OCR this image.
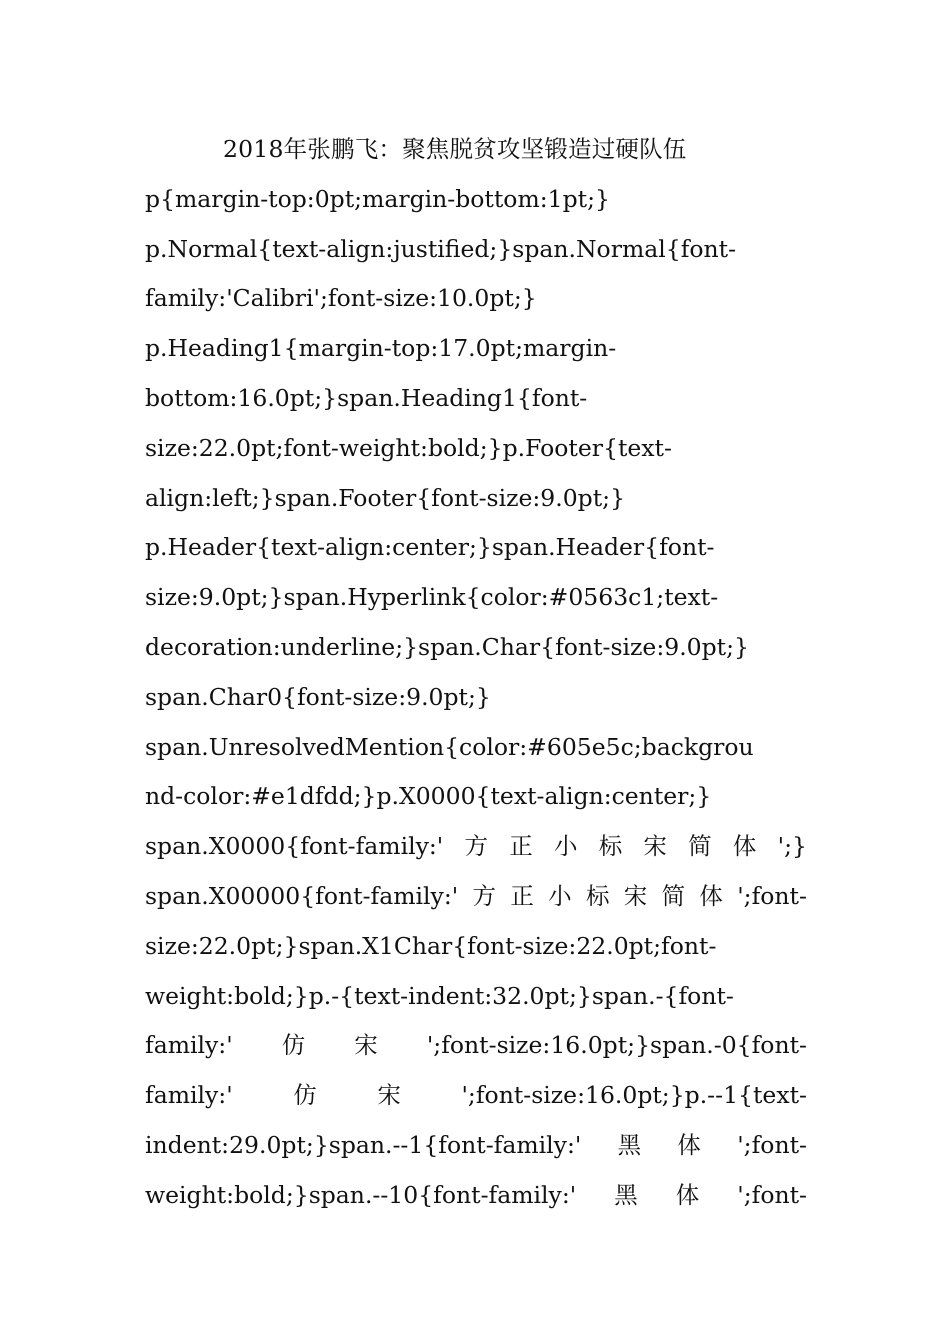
2018年张鹏飞：聚焦脱贫攻坚锻造过硬队伍

p{margin-top:0pt;margin-bottom:1pt;}

p.Normal{text-align:justified;}span.Normal{font-

family:'Calibri';font-size:10.0pt;}

p.Heading1{margin-top:17.0pt;margin-

bottom:16.0pt;}span.Heading1{font-

size:22.0pt;font-weight:bold;}p.Footer{text-

align:left;}span.Footer{font-size:9.0pt;}

p.Header{text-align:center;}span.Header{font-

size:9.0pt;}span.Hyperlink{color:#0563c1;text-

decoration:underline;}span.Char{font-size:9.0pt;}

span.Char0{font-size:9.0pt;}

span.UnresolvedMention{color:#605e5c;backgrou

nd-color:#e1dfdd;}p.X0000{text-align:center;}

span.X0000{font-family:' 方 正 小 标 宋 简 体 ';}

span.X00000{font-family:' 方 正 小 标 宋 简 体 ';font-

size:22.0pt;}span.X1Char{font-size:22.0pt;font-

weight:bold;}p.-{text-indent:32.0pt;}span.-{font-

family:' 仿 宋 ';font-size:16.0pt;}span.-0{font-

family:'	仿	宋	';font-size:16.0pt;}p.--1{text-

indent:29.0pt;}span.--1{font-family:' 黑 体 ';font-

weight:bold;}span.--10{font-family:' 黑 体 ';font-
